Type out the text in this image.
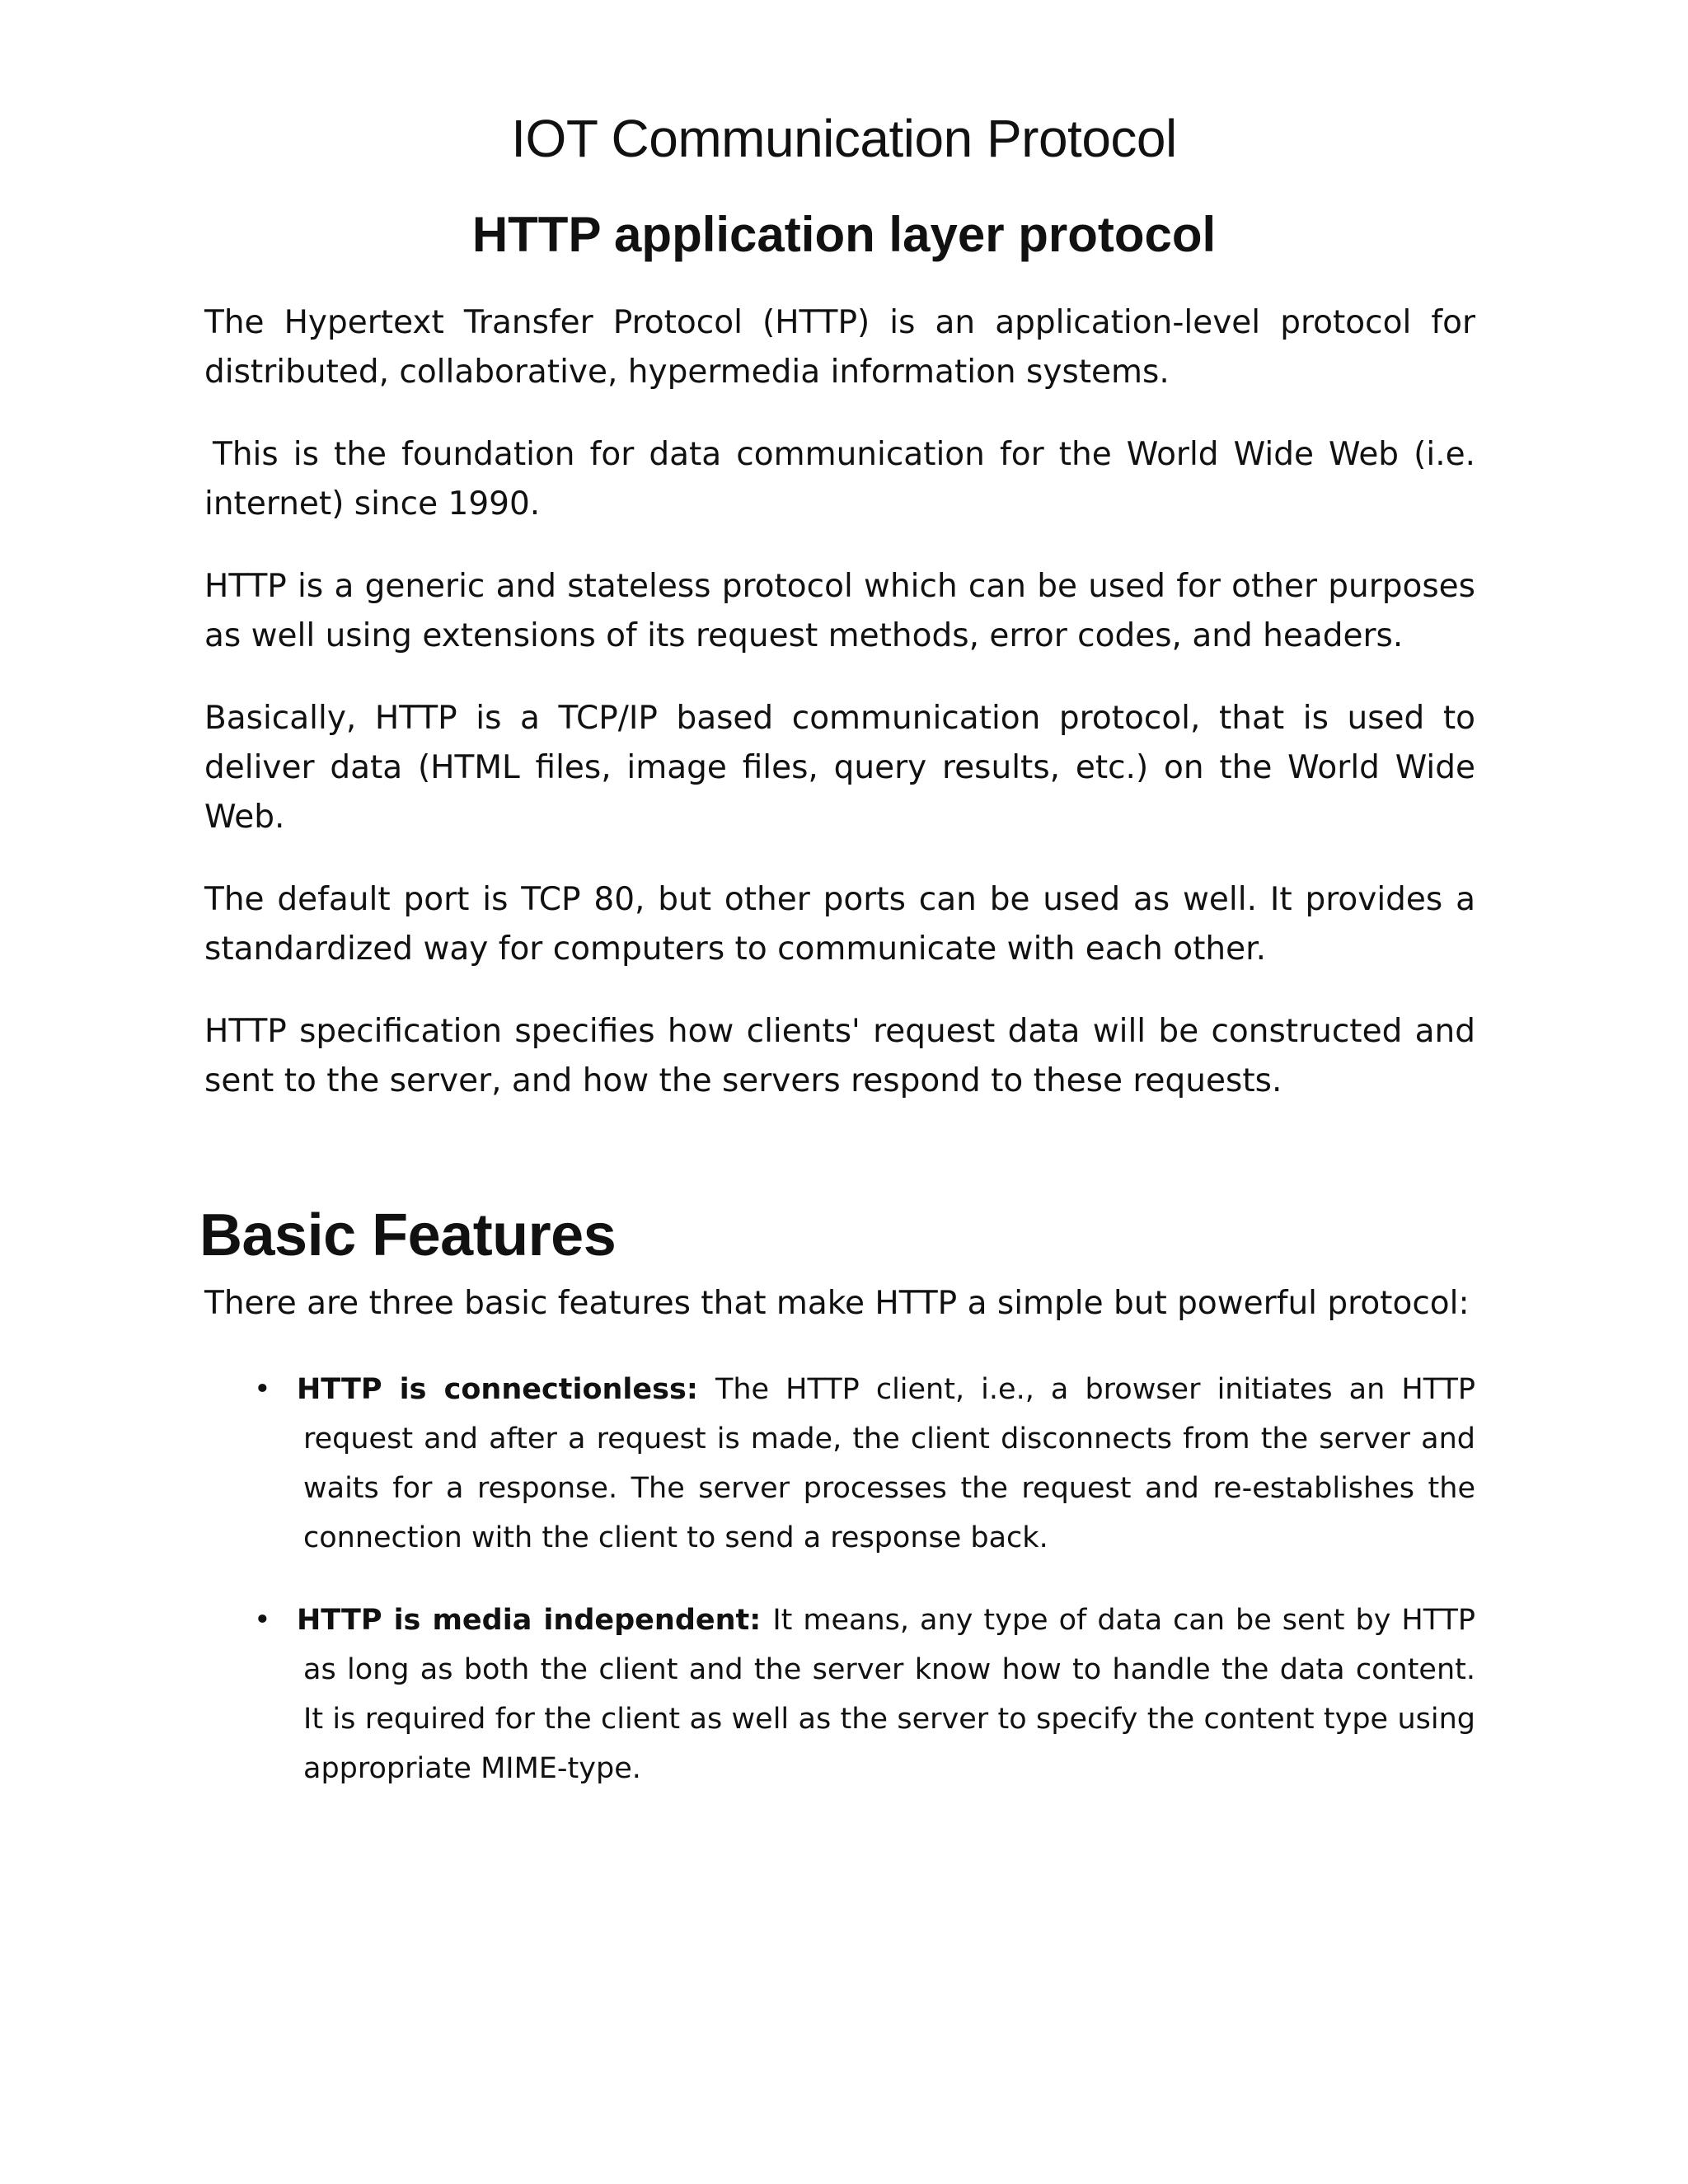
IOT Communication Protocol
HTTP application layer protocol

The Hypertext Transfer Protocol (HTTP) is an application-level protocol for distributed, collaborative, hypermedia information systems.

This is the foundation for data communication for the World Wide Web (i.e. internet) since 1990.

HTTP is a generic and stateless protocol which can be used for other purposes as well using extensions of its request methods, error codes, and headers.

Basically, HTTP is a TCP/IP based communication protocol, that is used to deliver data (HTML files, image files, query results, etc.) on the World Wide Web.

The default port is TCP 80, but other ports can be used as well. It provides a standardized way for computers to communicate with each other.

HTTP specification specifies how clients' request data will be constructed and sent to the server, and how the servers respond to these requests.

Basic Features

There are three basic features that make HTTP a simple but powerful protocol:

• HTTP is connectionless: The HTTP client, i.e., a browser initiates an HTTP request and after a request is made, the client disconnects from the server and waits for a response. The server processes the request and re-establishes the connection with the client to send a response back.
• HTTP is media independent: It means, any type of data can be sent by HTTP as long as both the client and the server know how to handle the data content. It is required for the client as well as the server to specify the content type using appropriate MIME-type.
